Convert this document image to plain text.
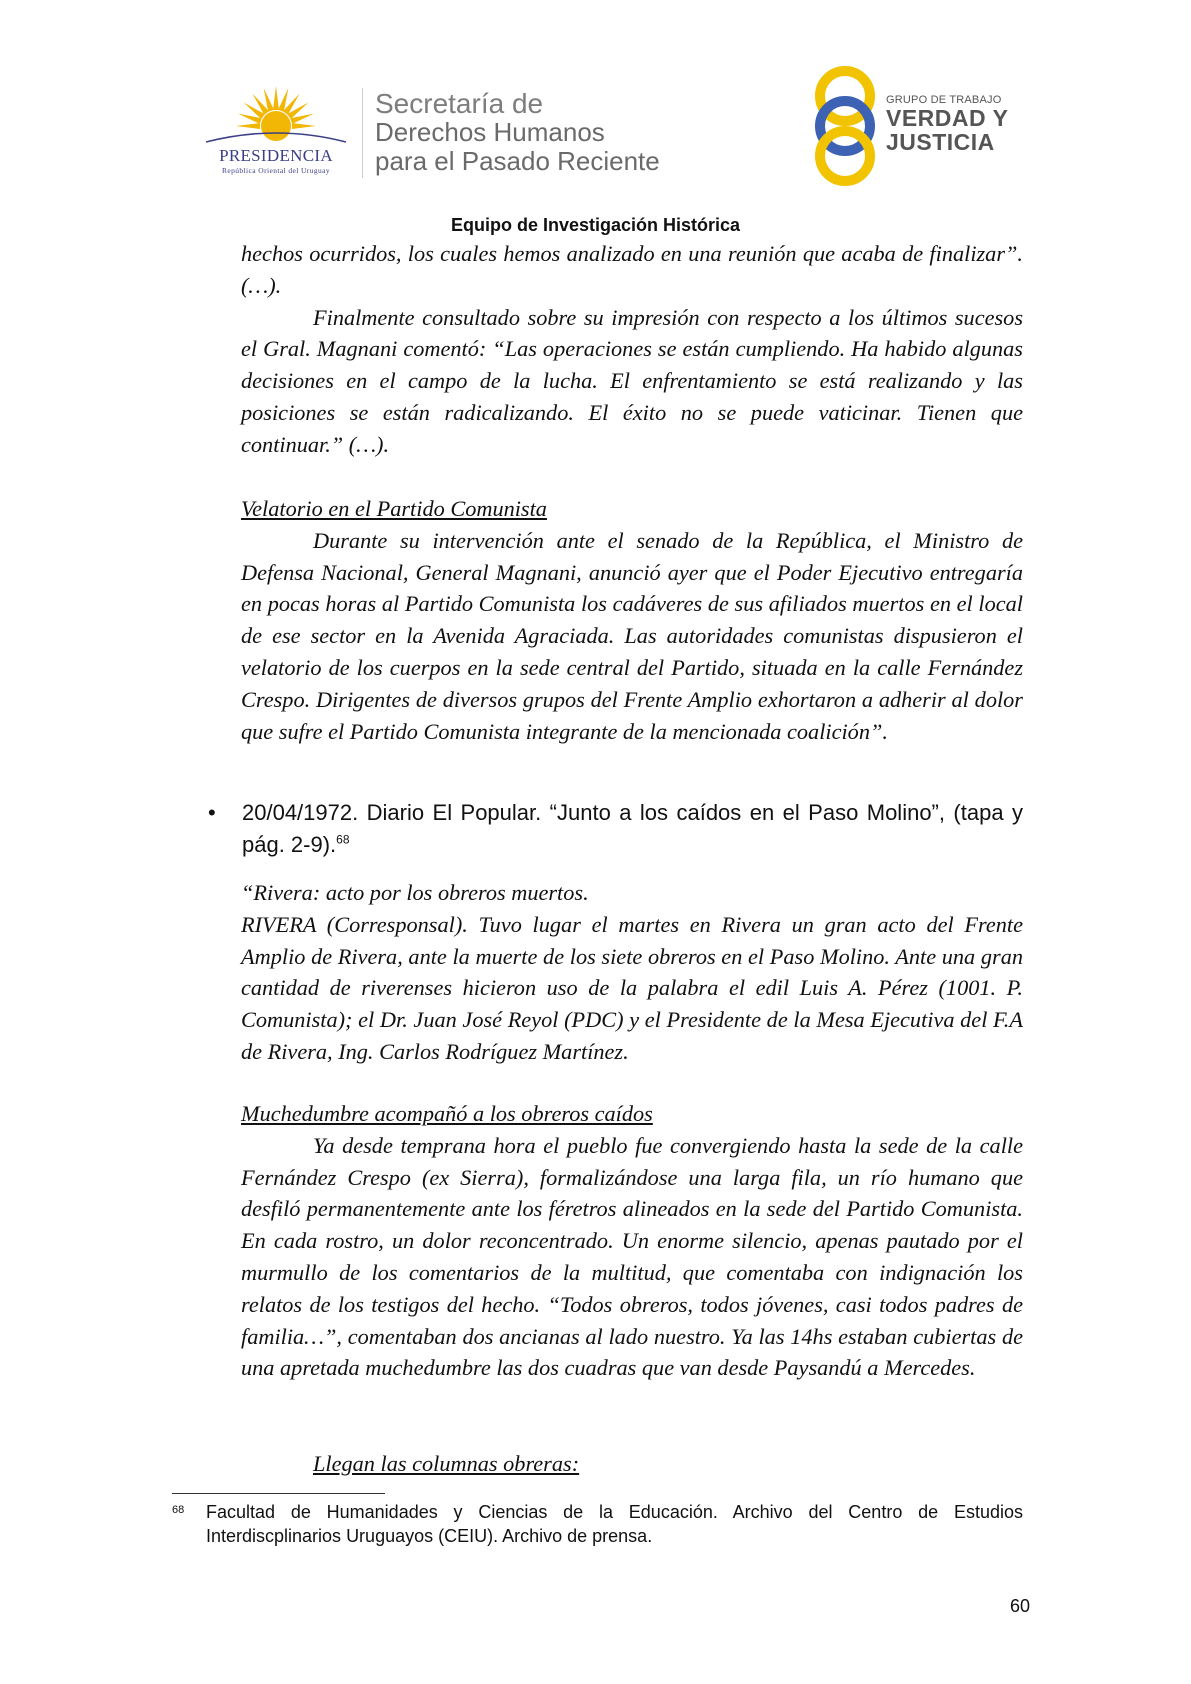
PRESIDENCIA
República Oriental del Uruguay
Secretaría de
Derechos Humanos
para el Pasado Reciente
GRUPO DE TRABAJO
VERDAD Y
JUSTICIA
Equipo de Investigación Histórica

hechos ocurridos, los cuales hemos analizado en una reunión que acaba de finalizar”. (…).

Finalmente consultado sobre su impresión con respecto a los últimos sucesos el Gral. Magnani comentó: “Las operaciones se están cumpliendo. Ha habido algunas decisiones en el campo de la lucha. El enfrentamiento se está realizando y las posiciones se están radicalizando. El éxito no se puede vaticinar. Tienen que continuar.” (…).

Velatorio en el Partido Comunista

Durante su intervención ante el senado de la República, el Ministro de Defensa Nacional, General Magnani, anunció ayer que el Poder Ejecutivo entregaría en pocas horas al Partido Comunista los cadáveres de sus afiliados muertos en el local de ese sector en la Avenida Agraciada. Las autoridades comunistas dispusieron el velatorio de los cuerpos en la sede central del Partido, situada en la calle Fernández Crespo. Dirigentes de diversos grupos del Frente Amplio exhortaron a adherir al dolor que sufre el Partido Comunista integrante de la mencionada coalición”.

• 20/04/1972. Diario El Popular. “Junto a los caídos en el Paso Molino”, (tapa y pág. 2-9).$^{68}$

“Rivera: acto por los obreros muertos.

RIVERA (Corresponsal). Tuvo lugar el martes en Rivera un gran acto del Frente Amplio de Rivera, ante la muerte de los siete obreros en el Paso Molino. Ante una gran cantidad de riverenses hicieron uso de la palabra el edil Luis A. Pérez (1001. P. Comunista); el Dr. Juan José Reyol (PDC) y el Presidente de la Mesa Ejecutiva del F.A de Rivera, Ing. Carlos Rodríguez Martínez.

Muchedumbre acompañó a los obreros caídos

Ya desde temprana hora el pueblo fue convergiendo hasta la sede de la calle Fernández Crespo (ex Sierra), formalizándose una larga fila, un río humano que desfiló permanentemente ante los féretros alineados en la sede del Partido Comunista. En cada rostro, un dolor reconcentrado. Un enorme silencio, apenas pautado por el murmullo de los comentarios de la multitud, que comentaba con indignación los relatos de los testigos del hecho. “Todos obreros, todos jóvenes, casi todos padres de familia…”, comentaban dos ancianas al lado nuestro. Ya las 14hs estaban cubiertas de una apretada muchedumbre las dos cuadras que van desde Paysandú a Mercedes.

Llegan las columnas obreras:

68 Facultad de Humanidades y Ciencias de la Educación. Archivo del Centro de Estudios Interdiscplinarios Uruguayos (CEIU). Archivo de prensa.
60
